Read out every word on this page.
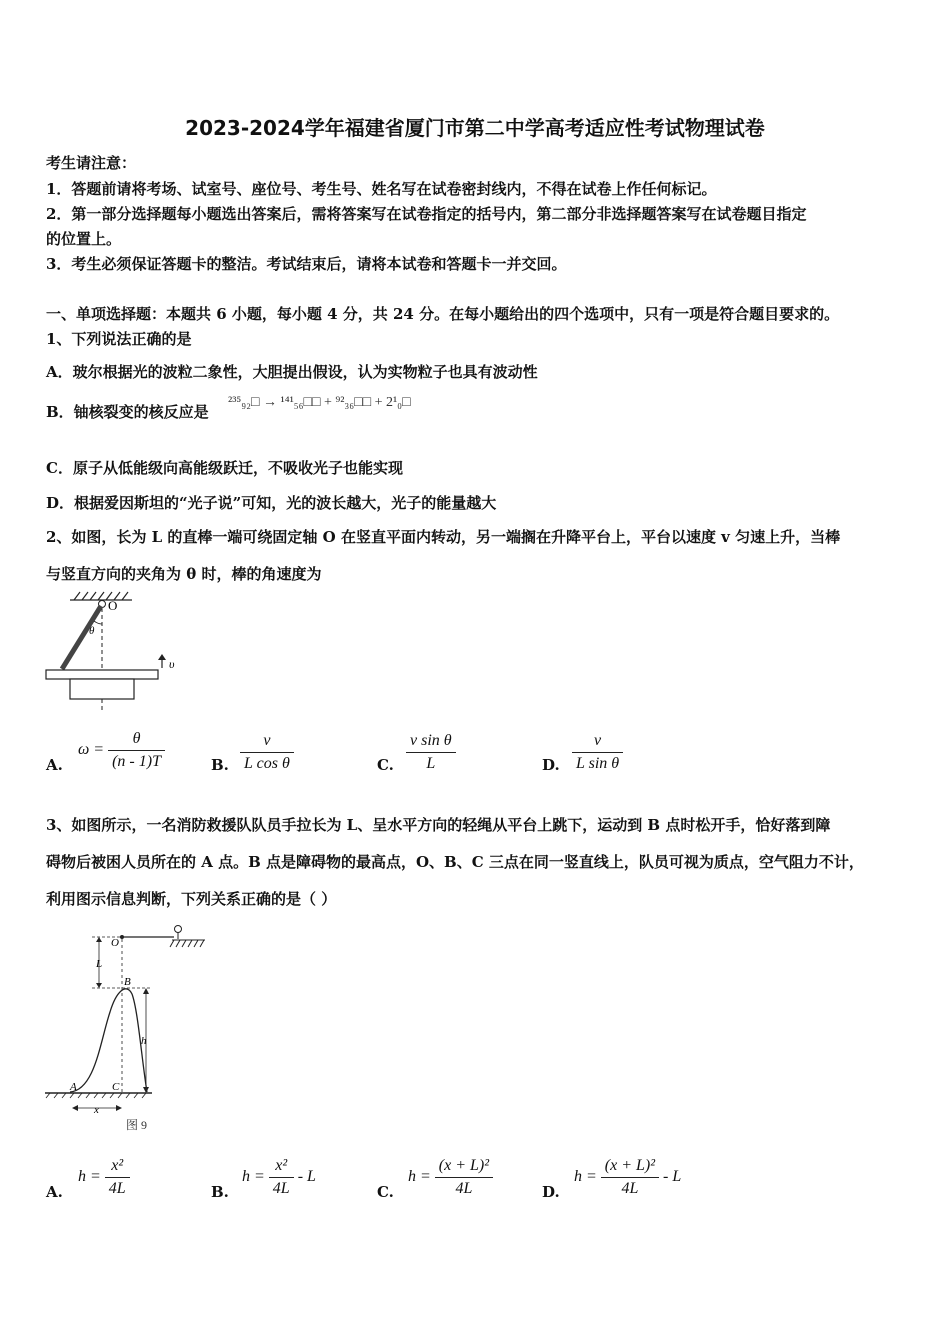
2023-2024学年福建省厦门市第二中学高考适应性考试物理试卷
考生请注意：
1．答题前请将考场、试室号、座位号、考生号、姓名写在试卷密封线内，不得在试卷上作任何标记。
2．第一部分选择题每小题选出答案后，需将答案写在试卷指定的括号内，第二部分非选择题答案写在试卷题目指定
的位置上。
3．考生必须保证答题卡的整洁。考试结束后，请将本试卷和答题卡一并交回。
一、单项选择题：本题共 6 小题，每小题 4 分，共 24 分。在每小题给出的四个选项中，只有一项是符合题目要求的。
1、下列说法正确的是
A．玻尔根据光的波粒二象性，大胆提出假设，认为实物粒子也具有波动性
B．铀核裂变的核反应是
²³⁵₉₂□ → ¹⁴¹₅₆□□ + ⁹²₃₆□□ + 2¹₀□
C．原子从低能级向高能级跃迁，不吸收光子也能实现
D．根据爱因斯坦的“光子说”可知，光的波长越大，光子的能量越大
2、如图，长为 L 的直棒一端可绕固定轴 O 在竖直平面内转动，另一端搁在升降平台上，平台以速度 v 匀速上升，当棒
与竖直方向的夹角为 θ 时，棒的角速度为
θ
O
υ
A.
$\omega = \frac{\theta}{(n - 1)T}$	B. $\frac{v}{\text{L cos θ}}$	C. $\frac{\text{v sin θ}}{L}$	D. $\frac{v}{\text{L sin θ}}$
3、如图所示，一名消防救援队队员手拉长为 L、呈水平方向的轻绳从平台上跳下，运动到 B 点时松开手，恰好落到障
碍物后被困人员所在的 A 点。B 点是障碍物的最高点，O、B、C 三点在同一竖直线上，队员可视为质点，空气阻力不计，
利用图示信息判断，下列关系正确的是（ ）
O
L
B
h
A	C
x
图 9
A.
$h = \frac{\text{x²}}{4L}$	B.
$h = \frac{\text{x²}}{4L} - L$
C.
$h = \frac{\text{(x + L)²}}{4L}$	D.
$h = \frac{\text{(x + L)²}}{4L} - L$
